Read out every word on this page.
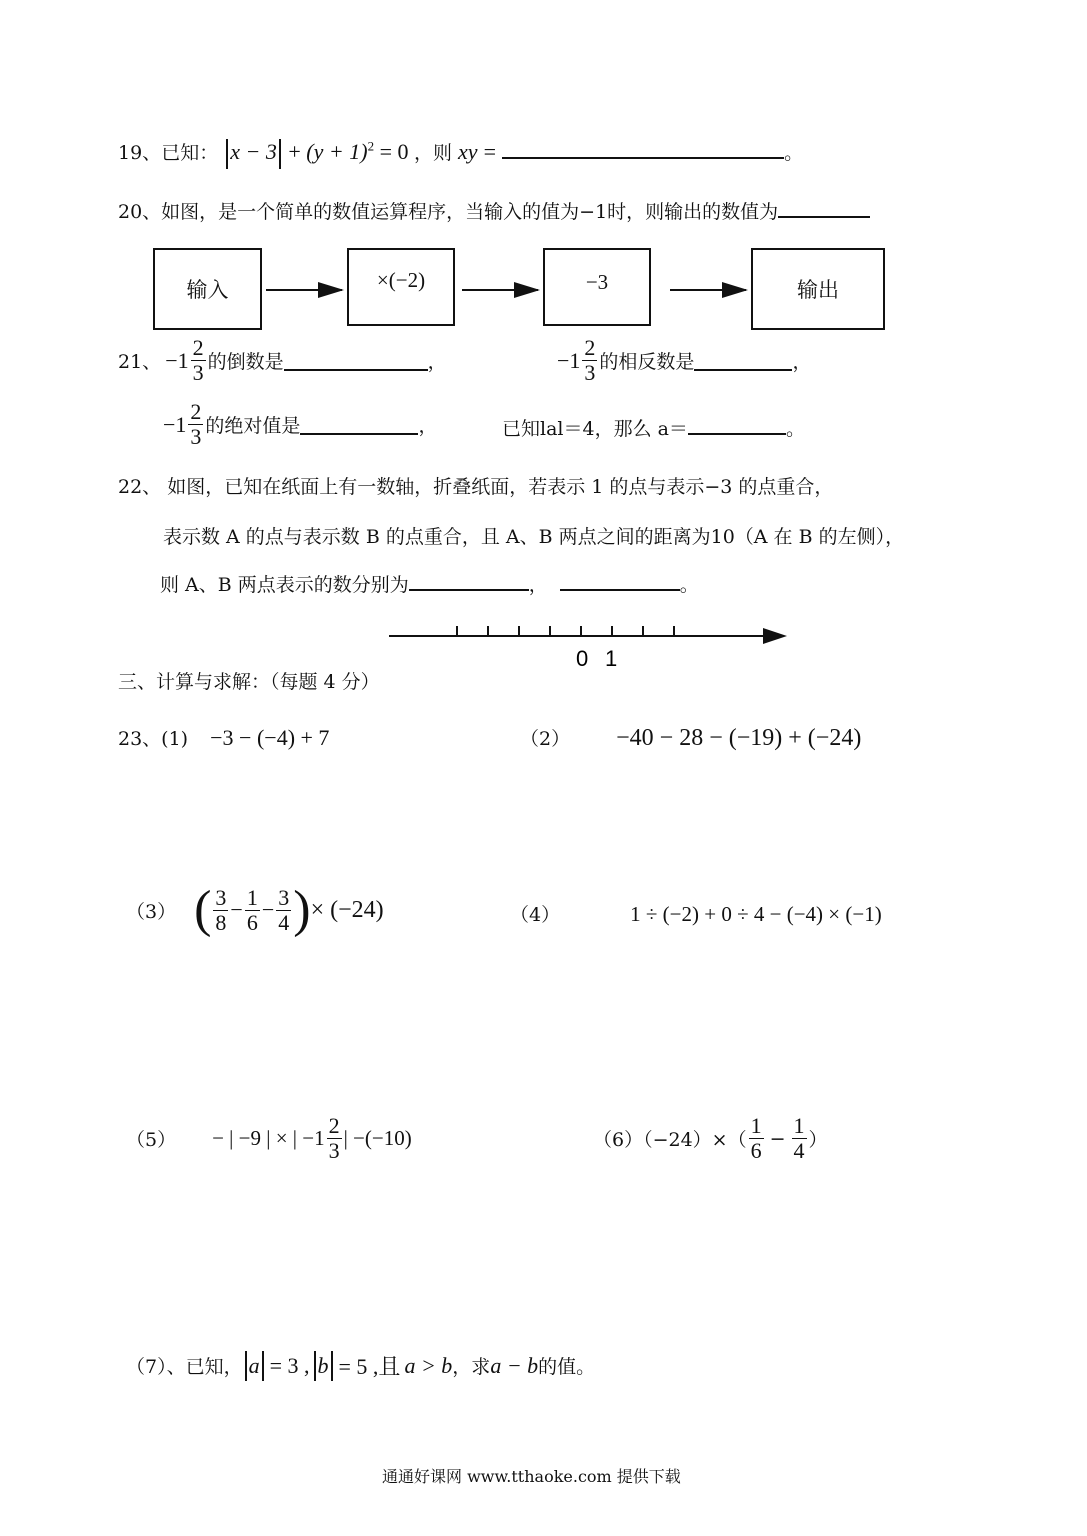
19、已知： $x - 3 + (y + 1)^2 = 0$ ，则 xy =	。
20、如图，是一个简单的数值运算程序，当输入的值为−1时，则输出的数值为
输入	×(−2)	−3	输出
21、 $-1 \frac{2}{3}$ 的倒数是	，	$-1 \frac{2}{3}$ 的相反数是	，
$-1 \frac{2}{3}$ 的绝对值是	，	已知lal＝4，那么 a＝	。
22、 如图，已知在纸面上有一数轴，折叠纸面，若表示 1 的点与表示−3 的点重合，
表示数 A 的点与表示数 B 的点重合，且 A、B 两点之间的距离为10（A 在 B 的左侧），
则 A、B 两点表示的数分别为	，	。
0 1
三、计算与求解：（每题 4 分）
23、(1) −3 − (−4) + 7	（2） −40 − 28 − (−19) + (−24)
（3） ( $\frac{3}{8} - \frac{1}{6} - \frac{3}{4}$ ) × (−24)	（4）	1 ÷ (−2) + 0 ÷ 4 − (−4) × (−1)
（5） − | −9 | × | $-1 \frac{2}{3}$ | −(−10)	$(6)(-24)\times( \frac{1}{6} - \frac{1}{4}$ ）
（7）、已知， a = 3 , b = 5 ,且 a > b ，求 a − b 的值。
通通好课网 www.tthaoke.com 提供下载
